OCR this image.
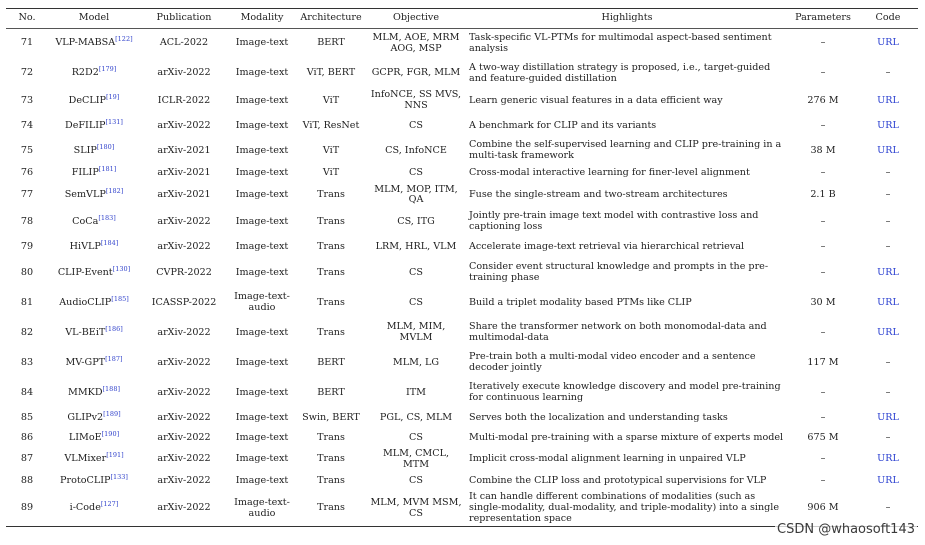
No.	Model	Publication	Modality	Architecture	Objective	Highlights	Parameters	Code
71	VLP-MABSA[122]	ACL-2022	Image-text	BERT	MLM, AOE, MRM AOG, MSP	Task-specific VL-PTMs for multimodal aspect-based sentiment analysis	–	URL
72	R2D2[179]	arXiv-2022	Image-text	ViT, BERT	GCPR, FGR, MLM	A two-way distillation strategy is proposed, i.e., target-guided and feature-guided distillation	–	–
73	DeCLIP[19]	ICLR-2022	Image-text	ViT	InfoNCE, SS MVS, NNS	Learn generic visual features in a data efficient way	276 M	URL
74	DeFILIP[131]	arXiv-2022	Image-text	ViT, ResNet	CS	A benchmark for CLIP and its variants	–	URL
75	SLIP[180]	arXiv-2021	Image-text	ViT	CS, InfoNCE	Combine the self-supervised learning and CLIP pre-training in a multi-task framework	38 M	URL
76	FILIP[181]	arXiv-2021	Image-text	ViT	CS	Cross-modal interactive learning for finer-level alignment	–	–
77	SemVLP[182]	arXiv-2021	Image-text	Trans	MLM, MOP, ITM, QA	Fuse the single-stream and two-stream architectures	2.1 B	–
78	CoCa[183]	arXiv-2022	Image-text	Trans	CS, ITG	Jointly pre-train image text model with contrastive loss and captioning loss	–	–
79	HiVLP[184]	arXiv-2022	Image-text	Trans	LRM, HRL, VLM	Accelerate image-text retrieval via hierarchical retrieval	–	–
80	CLIP-Event[130]	CVPR-2022	Image-text	Trans	CS	Consider event structural knowledge and prompts in the pre-training phase	–	URL
81	AudioCLIP[185]	ICASSP-2022	Image-text-audio	Trans	CS	Build a triplet modality based PTMs like CLIP	30 M	URL
82	VL-BEiT[186]	arXiv-2022	Image-text	Trans	MLM, MIM, MVLM	Share the transformer network on both monomodal-data and multimodal-data	–	URL
83	MV-GPT[187]	arXiv-2022	Image-text	BERT	MLM, LG	Pre-train both a multi-modal video encoder and a sentence decoder jointly	117 M	–
84	MMKD[188]	arXiv-2022	Image-text	BERT	ITM	Iteratively execute knowledge discovery and model pre-training for continuous learning	–	–
85	GLIPv2[189]	arXiv-2022	Image-text	Swin, BERT	PGL, CS, MLM	Serves both the localization and understanding tasks	–	URL
86	LIMoE[190]	arXiv-2022	Image-text	Trans	CS	Multi-modal pre-training with a sparse mixture of experts model	675 M	–
87	VLMixer[191]	arXiv-2022	Image-text	Trans	MLM, CMCL, MTM	Implicit cross-modal alignment learning in unpaired VLP	–	URL
88	ProtoCLIP[133]	arXiv-2022	Image-text	Trans	CS	Combine the CLIP loss and prototypical supervisions for VLP	–	URL
89	i-Code[127]	arXiv-2022	Image-text-audio	Trans	MLM, MVM MSM, CS	It can handle different combinations of modalities (such as single-modality, dual-modality, and triple-modality) into a single representation space	906 M	–
CSDN @whaosoft143
